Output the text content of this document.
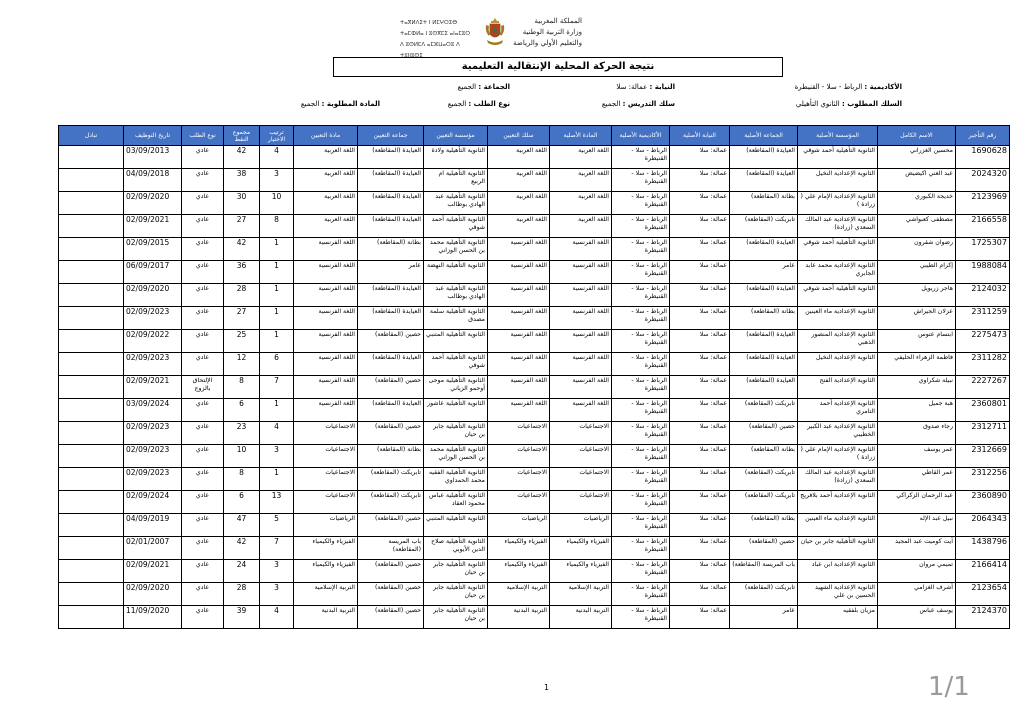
ⵜⴰⴳⵍⴷⵉⵜ ⵏ ⵍⵎⵖⵔⵉⴱ
ⵜⴰⵎⵀⵍⴰ ⵏ ⵓⵙⴳⵎⵉ ⴰⵏⴰⵎⵓⵔ
ⴷ ⵓⵙⵍⵎⴷ ⴰⵎⵣⵡⴰⵔⵓ ⴷ ⵜⵓⵏⵏⵓⵙⵉ
المملكة المغربية
وزارة التربية الوطنية
والتعليم الأولي والرياضة
نتيجة الحركة المحلية الإنتقالية التعليمية
الأكاديمية : الرباط - سلا - القنيطرة
النيابة : عمالة: سلا
الجماعة : الجميع
السلك المطلوب : الثانوي التأهيلي
سلك التدريس : الجميع
نوع الطلب : الجميع
المادة المطلوبة : الجميع
رقم التأجير	الاسم الكامل	المؤسسة الأصلية	الجماعة الأصلية	النيابة الأصلية	الأكاديمية الأصلية	المادة الأصلية	سلك التعيين	مؤسسة التعيين	جماعة التعيين	مادة التعيين	ترتيب الاختيار	مجموع النقط	نوع الطلب	تاريخ التوظيف	تبادل
1690628	محسين الغزراني	الثانوية التأهيلية أحمد شوقي	العيايدة (المقاطعة)	عمالة: سلا	الرباط - سلا - القنيطرة	اللغة العربية	اللغة العربية	الثانوية التأهيلية ولادة	العيايدة (المقاطعة)	اللغة العربية	4	42	عادي	03/09/2013	
2024320	عبد الغني اكيضيض	الثانوية الإعدادية النخيل	العيايدة (المقاطعة)	عمالة: سلا	الرباط - سلا - القنيطرة	اللغة العربية	اللغة العربية	الثانوية التأهيلية ام الربيع	العيايدة (المقاطعة)	اللغة العربية	3	38	عادي	04/09/2018	
2123969	خديجة الكبوري	الثانوية الإعدادية الإمام علي ( زرادة )	بطانة (المقاطعة)	عمالة: سلا	الرباط - سلا - القنيطرة	اللغة العربية	اللغة العربية	الثانوية التأهيلية عبد الهادي بوطالب	العيايدة (المقاطعة)	اللغة العربية	10	30	عادي	02/09/2020	
2166558	مصطفى كعبواشي	الثانوية الإعدادية عبد المالك السعدي (زرادة)	تابريكت (المقاطعة)	عمالة: سلا	الرباط - سلا - القنيطرة	اللغة العربية	اللغة العربية	الثانوية التأهيلية أحمد شوقي	العيايدة (المقاطعة)	اللغة العربية	8	27	عادي	02/09/2021	
1725307	رضوان شقرون	الثانوية التأهيلية أحمد شوقي	العيايدة (المقاطعة)	عمالة: سلا	الرباط - سلا - القنيطرة	اللغة الفرنسية	اللغة الفرنسية	الثانوية التأهيلية محمد بن الحسن الوزاني	بطانة (المقاطعة)	اللغة الفرنسية	1	42	عادي	02/09/2015	
1988084	إكرام الطيبي	الثانوية الإعدادية محمد عابد الجابري	عامر	عمالة: سلا	الرباط - سلا - القنيطرة	اللغة الفرنسية	اللغة الفرنسية	الثانوية التأهيلية النهضة	عامر	اللغة الفرنسية	1	36	عادي	06/09/2017	
2124032	هاجر زريويل	الثانوية التأهيلية أحمد شوقي	العيايدة (المقاطعة)	عمالة: سلا	الرباط - سلا - القنيطرة	اللغة الفرنسية	اللغة الفرنسية	الثانوية التأهيلية عبد الهادي بوطالب	العيايدة (المقاطعة)	اللغة الفرنسية	1	28	عادي	02/09/2020	
2311259	عزلان الجيراش	الثانوية الإعدادية ماء العينين	بطانة (المقاطعة)	عمالة: سلا	الرباط - سلا - القنيطرة	اللغة الفرنسية	اللغة الفرنسية	الثانوية التأهيلية سلمة مصدق	العيايدة (المقاطعة)	اللغة الفرنسية	1	27	عادي	02/09/2023	
2275473	ابتسام عتوس	الثانوية الإعدادية المنصور الذهبي	العيايدة (المقاطعة)	عمالة: سلا	الرباط - سلا - القنيطرة	اللغة الفرنسية	اللغة الفرنسية	الثانوية التأهيلية المتنبي	حصين (المقاطعة)	اللغة الفرنسية	1	25	عادي	02/09/2022	
2311282	فاطمة الزهراء الحليفي	الثانوية الإعدادية النخيل	العيايدة (المقاطعة)	عمالة: سلا	الرباط - سلا - القنيطرة	اللغة الفرنسية	اللغة الفرنسية	الثانوية التأهيلية أحمد شوقي	العيايدة (المقاطعة)	اللغة الفرنسية	6	12	عادي	02/09/2023	
2227267	نبيلة شكراوي	الثانوية الإعدادية الفتح	العيايدة (المقاطعة)	عمالة: سلا	الرباط - سلا - القنيطرة	اللغة الفرنسية	اللغة الفرنسية	الثانوية التأهيلية موحى أوحمو الزياني	حصين (المقاطعة)	اللغة الفرنسية	7	8	الإلتحاق بالزوج	02/09/2021	
2360801	هبة جميل	الثانوية الإعدادية أحمد التامري	تابريكت (المقاطعة)	عمالة: سلا	الرباط - سلا - القنيطرة	اللغة الفرنسية	اللغة الفرنسية	الثانوية التأهيلية عاشور	العيايدة (المقاطعة)	اللغة الفرنسية	1	6	عادي	03/09/2024	
2312711	رجاء صدوق	الثانوية الإعدادية عبد الكبير الخطيبي	حصين (المقاطعة)	عمالة: سلا	الرباط - سلا - القنيطرة	الاجتماعيات	الاجتماعيات	الثانوية التأهيلية جابر بن حيان	حصين (المقاطعة)	الاجتماعيات	4	23	عادي	02/09/2023	
2312669	عمر يوسف	الثانوية الإعدادية الإمام علي ( زرادة )	بطانة (المقاطعة)	عمالة: سلا	الرباط - سلا - القنيطرة	الاجتماعيات	الاجتماعيات	الثانوية التأهيلية محمد بن الحسن الوزاني	بطانة (المقاطعة)	الاجتماعيات	3	10	عادي	02/09/2023	
2312256	عمر القاطي	الثانوية الإعدادية عبد المالك السعدي (زرادة)	تابريكت (المقاطعة)	عمالة: سلا	الرباط - سلا - القنيطرة	الاجتماعيات	الاجتماعيات	الثانوية التأهيلية الفقيه محمد الحمداوي	تابريكت (المقاطعة)	الاجتماعيات	1	8	عادي	02/09/2023	
2360890	عبد الرحمان الزكراكي	الثانوية الإعدادية أحمد بلافريج	تابريكت (المقاطعة)	عمالة: سلا	الرباط - سلا - القنيطرة	الاجتماعيات	الاجتماعيات	الثانوية التأهيلية عباس محمود العقاد	تابريكت (المقاطعة)	الاجتماعيات	13	6	عادي	02/09/2024	
2064343	نبيل عبد الإله	الثانوية الإعدادية ماء العينين	بطانة (المقاطعة)	عمالة: سلا	الرباط - سلا - القنيطرة	الرياضيات	الرياضيات	الثانوية التأهيلية المتنبي	حصين (المقاطعة)	الرياضيات	5	47	عادي	04/09/2019	
1438796	آيت كوميت عبد المجيد	الثانوية التأهيلية جابر بن حيان	حصين (المقاطعة)	عمالة: سلا	الرباط - سلا - القنيطرة	الفيزياء والكيمياء	الفيزياء والكيمياء	الثانوية التأهيلية صلاح الدين الأيوبي	باب المريسة (المقاطعة)	الفيزياء والكيمياء	7	42	عادي	02/01/2007	
2166414	تميمي مروان	الثانوية الإعدادية ابن عباد	باب المريسة (المقاطعة)	عمالة: سلا	الرباط - سلا - القنيطرة	الفيزياء والكيمياء	الفيزياء والكيمياء	الثانوية التأهيلية جابر بن حيان	حصين (المقاطعة)	الفيزياء والكيمياء	3	24	عادي	02/09/2021	
2123654	أشرف الغزامي	الثانوية الإعدادية الشهيد الحسين بن علي	تابريكت (المقاطعة)	عمالة: سلا	الرباط - سلا - القنيطرة	التربية الإسلامية	التربية الإسلامية	الثانوية التأهيلية جابر بن حيان	حصين (المقاطعة)	التربية الإسلامية	3	28	عادي	02/09/2020	
2124370	يوسف عباس	مزيان بلفقيه	عامر	عمالة: سلا	الرباط - سلا - القنيطرة	التربية البدنية	التربية البدنية	الثانوية التأهيلية جابر بن حيان	حصين (المقاطعة)	التربية البدنية	4	39	عادي	11/09/2020	
1	1/1
